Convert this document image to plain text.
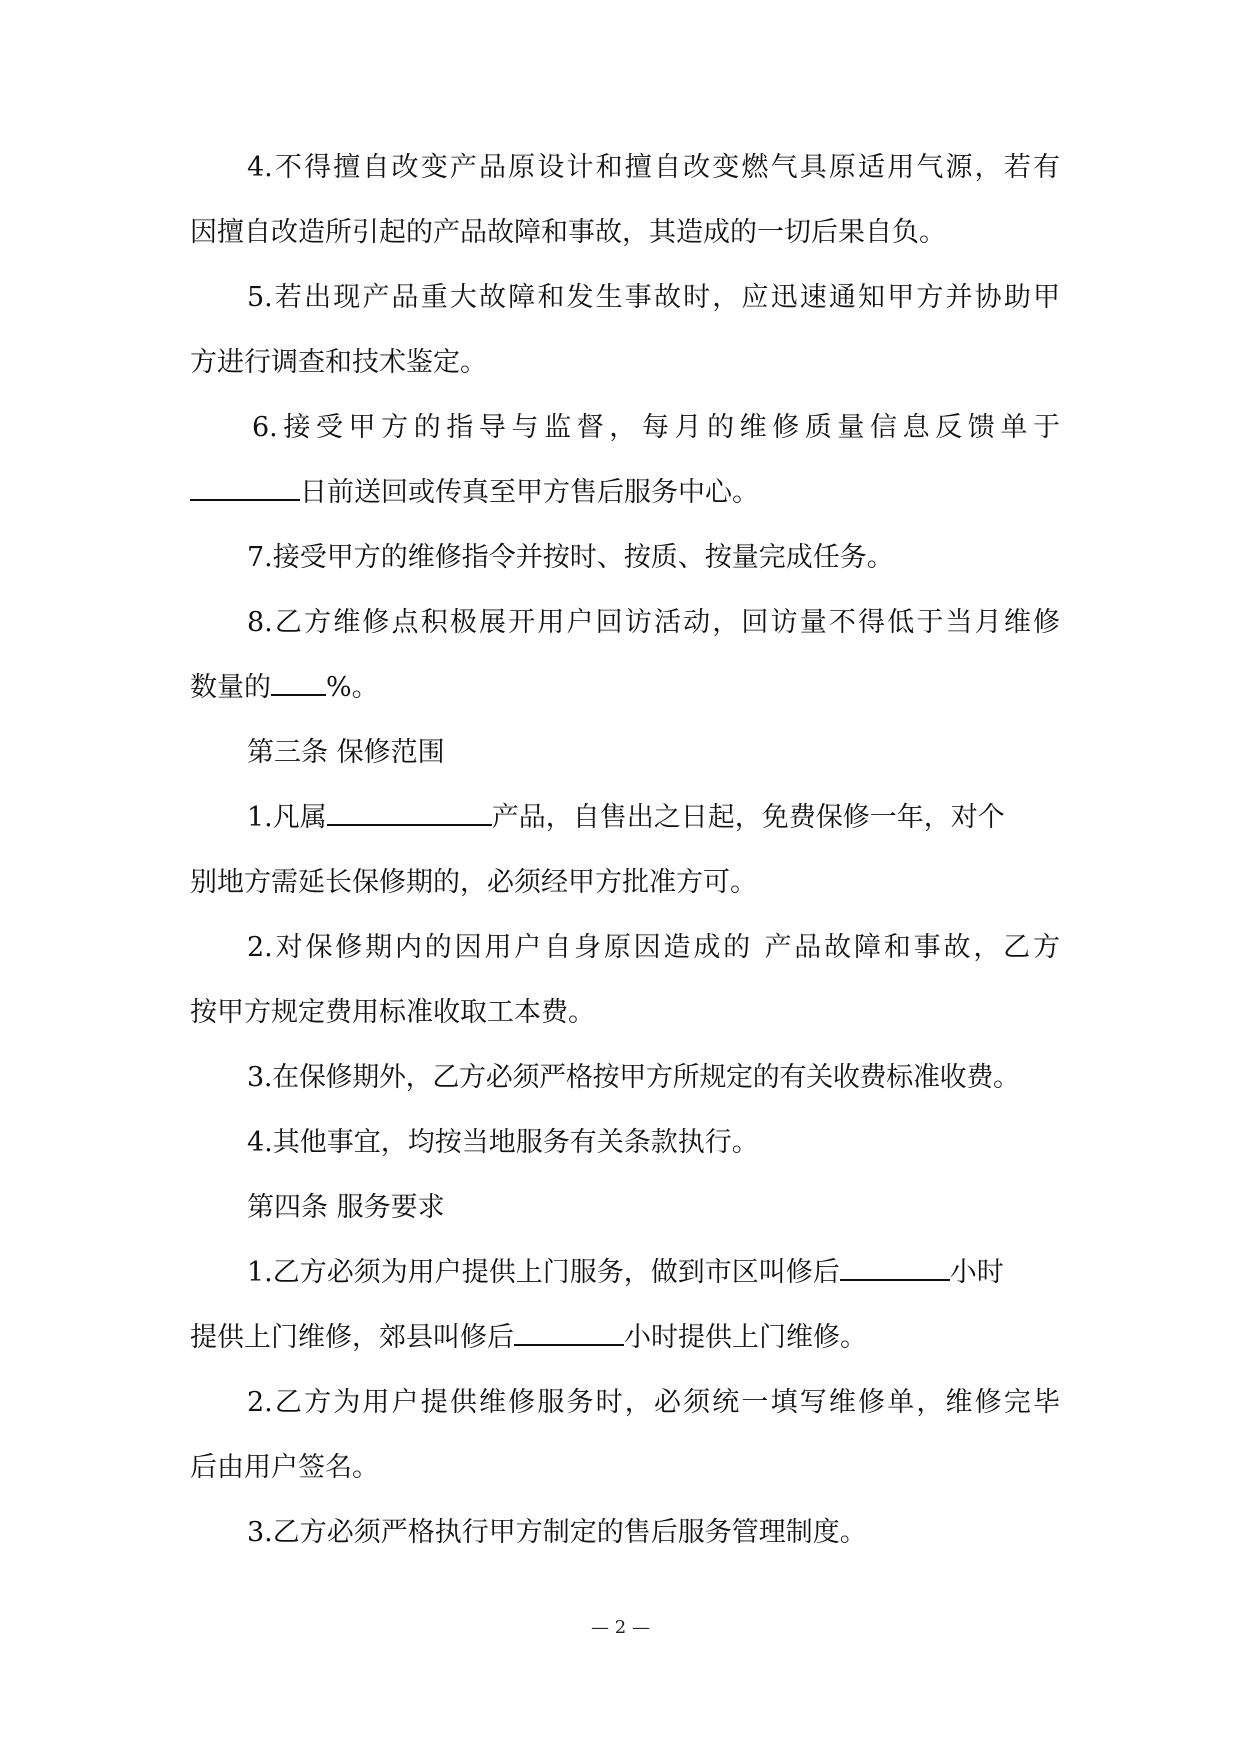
4.不得擅自改变产品原设计和擅自改变燃气具原适用气源，若有
因擅自改造所引起的产品故障和事故，其造成的一切后果自负。
5.若出现产品重大故障和发生事故时，应迅速通知甲方并协助甲
方进行调查和技术鉴定。
6.接受甲方的指导与监督，每月的维修质量信息反馈单于
日前送回或传真至甲方售后服务中心。
7.接受甲方的维修指令并按时、按质、按量完成任务。
8.乙方维修点积极展开用户回访活动，回访量不得低于当月维修
数量的 %。
第三条 保修范围
1.凡属	产品，自售出之日起，免费保修一年，对个
别地方需延长保修期的，必须经甲方批准方可。
2.对保修期内的因用户自身原因造成的 产品故障和事故，乙方
按甲方规定费用标准收取工本费。
3.在保修期外，乙方必须严格按甲方所规定的有关收费标准收费。
4.其他事宜，均按当地服务有关条款执行。
第四条 服务要求
1.乙方必须为用户提供上门服务，做到市区叫修后	小时
提供上门维修，郊县叫修后	小时提供上门维修。
2.乙方为用户提供维修服务时，必须统一填写维修单，维修完毕
后由用户签名。
3.乙方必须严格执行甲方制定的售后服务管理制度。
— 2 —
